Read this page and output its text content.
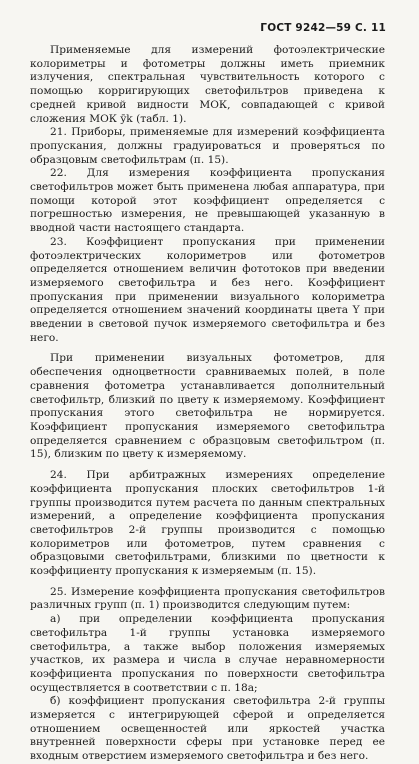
ГОСТ 9242—59 С. 11

Применяемые для измерений фотоэлектрические колориметры и фотометры должны иметь приемник излучения, спектральная чувствительность которого с помощью корригирующих светофильтров приведена к средней кривой видности МОК, совпадающей с кривой сложения МОК ȳk (табл. 1).

21. Приборы, применяемые для измерений коэффициента пропускания, должны градуироваться и проверяться по образцовым светофильтрам (п. 15).

22. Для измерения коэффициента пропускания светофильтров может быть применена любая аппаратура, при помощи которой этот коэффициент определяется с погрешностью измерения, не превышающей указанную в вводной части настоящего стандарта.

23. Коэффициент пропускания при применении фотоэлектрических колориметров или фотометров определяется отношением величин фототоков при введении измеряемого светофильтра и без него. Коэффициент пропускания при применении визуального колориметра определяется отношением значений координаты цвета Y при введении в световой пучок измеряемого светофильтра и без него.

При применении визуальных фотометров, для обеспечения одноцветности сравниваемых полей, в поле сравнения фотометра устанавливается дополнительный светофильтр, близкий по цвету к измеряемому. Коэффициент пропускания этого светофильтра не нормируется. Коэффициент пропускания измеряемого светофильтра определяется сравнением с образцовым светофильтром (п. 15), близким по цвету к измеряемому.

24. При арбитражных измерениях определение коэффициента пропускания плоских светофильтров 1-й группы производится путем расчета по данным спектральных измерений, а определение коэффициента пропускания светофильтров 2-й группы производится с помощью колориметров или фотометров, путем сравнения с образцовыми светофильтрами, близкими по цветности к коэффициенту пропускания к измеряемым (п. 15).

25. Измерение коэффициента пропускания светофильтров различных групп (п. 1) производится следующим путем:

а) при определении коэффициента пропускания светофильтра 1-й группы установка измеряемого светофильтра, а также выбор положения измеряемых участков, их размера и числа в случае неравномерности коэффициента пропускания по поверхности светофильтра осуществляется в соответствии с п. 18а;

б) коэффициент пропускания светофильтра 2-й группы измеряется с интегрирующей сферой и определяется отношением освещенностей или яркостей участка внутренней поверхности сферы при установке перед ее входным отверстием измеряемого светофильтра и без него.
